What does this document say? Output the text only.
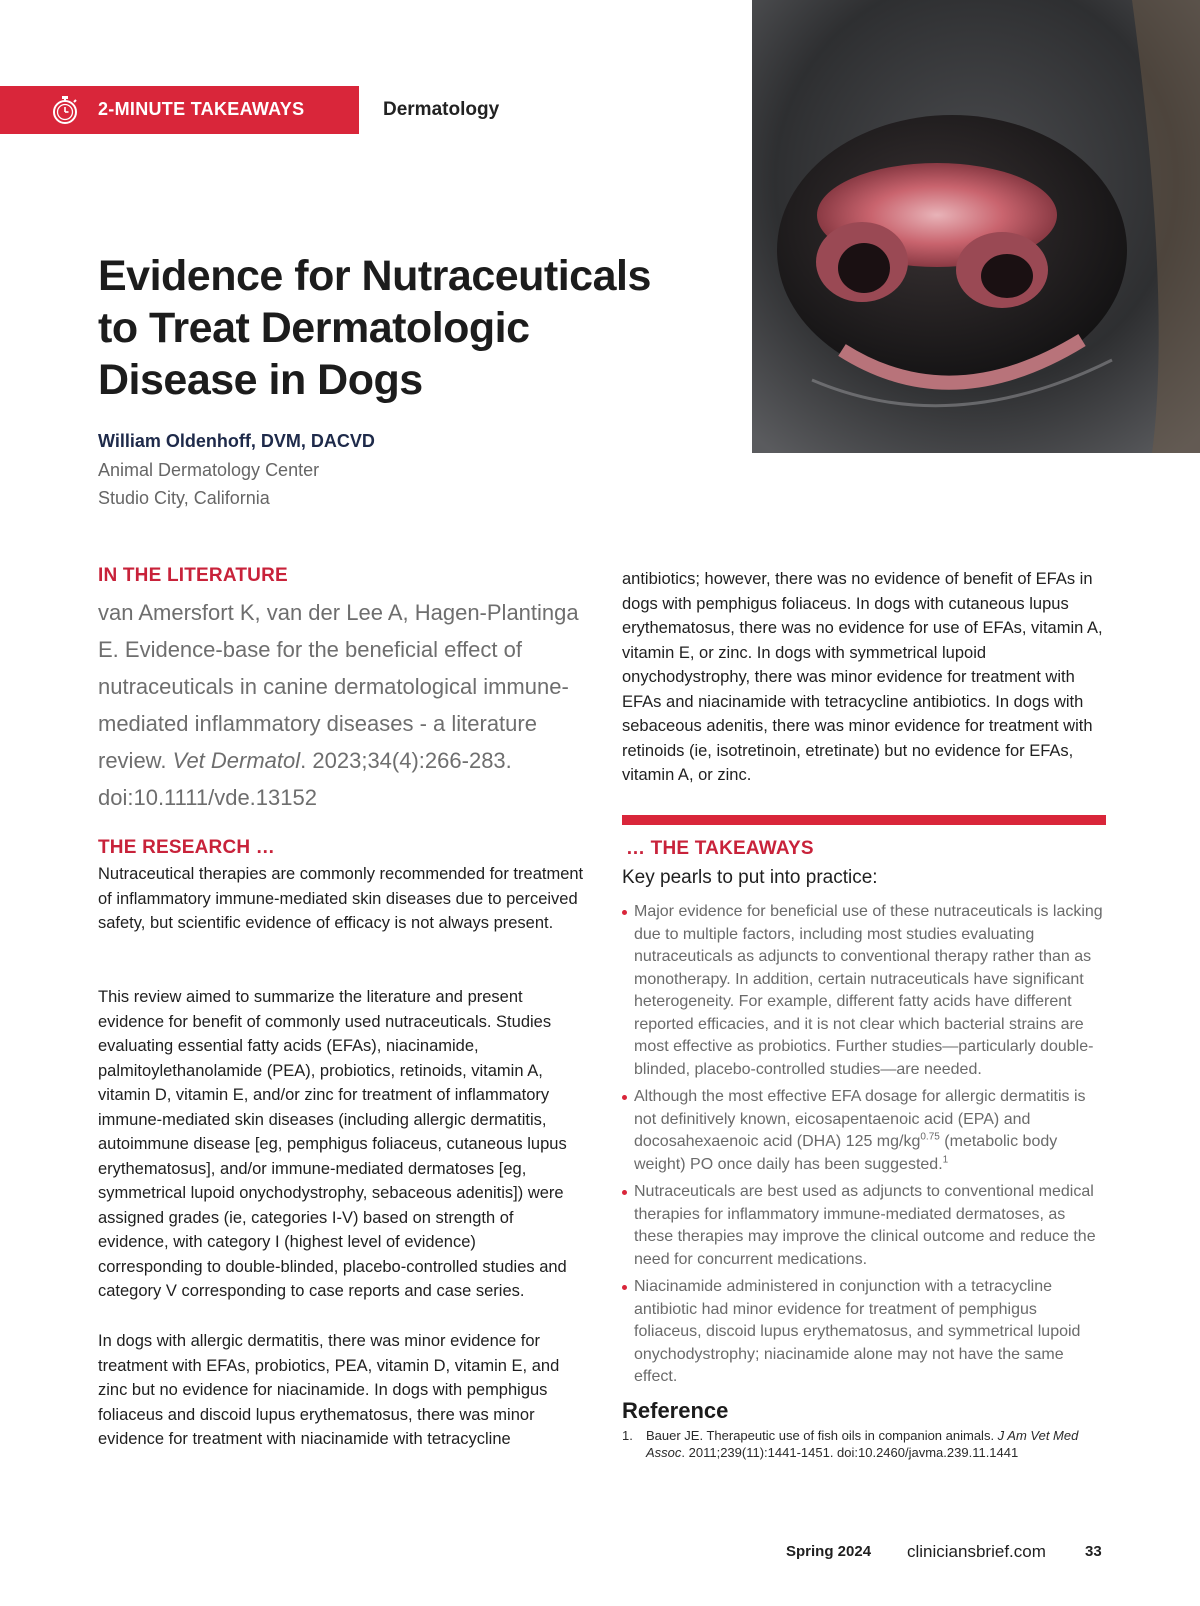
2-MINUTE TAKEAWAYS	Dermatology
Evidence for Nutraceuticals
to Treat Dermatologic
Disease in Dogs
William Oldenhoff, DVM, DACVD
Animal Dermatology Center
Studio City, California
IN THE LITERATURE
van Amersfort K, van der Lee A, Hagen-Plantinga E. Evidence-base for the beneficial effect of nutraceuticals in canine dermatological immune-mediated inflammatory diseases - a literature review. Vet Dermatol. 2023;34(4):266-283. doi:10.1111/vde.13152
THE RESEARCH …
Nutraceutical therapies are commonly recommended for treatment of inflammatory immune-mediated skin diseases due to perceived safety, but scientific evidence of efficacy is not always present.
This review aimed to summarize the literature and present evidence for benefit of commonly used nutraceuticals. Studies evaluating essential fatty acids (EFAs), niacinamide, palmitoylethanolamide (PEA), probiotics, retinoids, vitamin A, vitamin D, vitamin E, and/or zinc for treatment of inflammatory immune-mediated skin diseases (including allergic dermatitis, autoimmune disease [eg, pemphigus foliaceus, cutaneous lupus erythematosus], and/or immune-mediated dermatoses [eg, symmetrical lupoid onychodystrophy, sebaceous adenitis]) were assigned grades (ie, categories I-V) based on strength of evidence, with category I (highest level of evidence) corresponding to double-blinded, placebo-controlled studies and category V corresponding to case reports and case series.
In dogs with allergic dermatitis, there was minor evidence for treatment with EFAs, probiotics, PEA, vitamin D, vitamin E, and zinc but no evidence for niacinamide. In dogs with pemphigus foliaceus and discoid lupus erythematosus, there was minor evidence for treatment with niacinamide with tetracycline
antibiotics; however, there was no evidence of benefit of EFAs in dogs with pemphigus foliaceus. In dogs with cutaneous lupus erythematosus, there was no evidence for use of EFAs, vitamin A, vitamin E, or zinc. In dogs with symmetrical lupoid onychodystrophy, there was minor evidence for treatment with EFAs and niacinamide with tetracycline antibiotics. In dogs with sebaceous adenitis, there was minor evidence for treatment with retinoids (ie, isotretinoin, etretinate) but no evidence for EFAs, vitamin A, or zinc.
… THE TAKEAWAYS
Key pearls to put into practice:
Major evidence for beneficial use of these nutraceuticals is lacking due to multiple factors, including most studies evaluating nutraceuticals as adjuncts to conventional therapy rather than as monotherapy. In addition, certain nutraceuticals have significant heterogeneity. For example, different fatty acids have different reported efficacies, and it is not clear which bacterial strains are most effective as probiotics. Further studies—particularly double-blinded, placebo-controlled studies—are needed.
Although the most effective EFA dosage for allergic dermatitis is not definitively known, eicosapentaenoic acid (EPA) and docosahexaenoic acid (DHA) 125 $mg/kg^{0.75}$ (metabolic body weight) PO once daily has been suggested.$^1$
Nutraceuticals are best used as adjuncts to conventional medical therapies for inflammatory immune-mediated dermatoses, as these therapies may improve the clinical outcome and reduce the need for concurrent medications.
Niacinamide administered in conjunction with a tetracycline antibiotic had minor evidence for treatment of pemphigus foliaceus, discoid lupus erythematosus, and symmetrical lupoid onychodystrophy; niacinamide alone may not have the same effect.
Reference
1.	Bauer JE. Therapeutic use of fish oils in companion animals. J Am Vet Med Assoc. 2011;239(11):1441-1451. doi:10.2460/javma.239.11.1441
Spring 2024 cliniciansbrief.com	33
